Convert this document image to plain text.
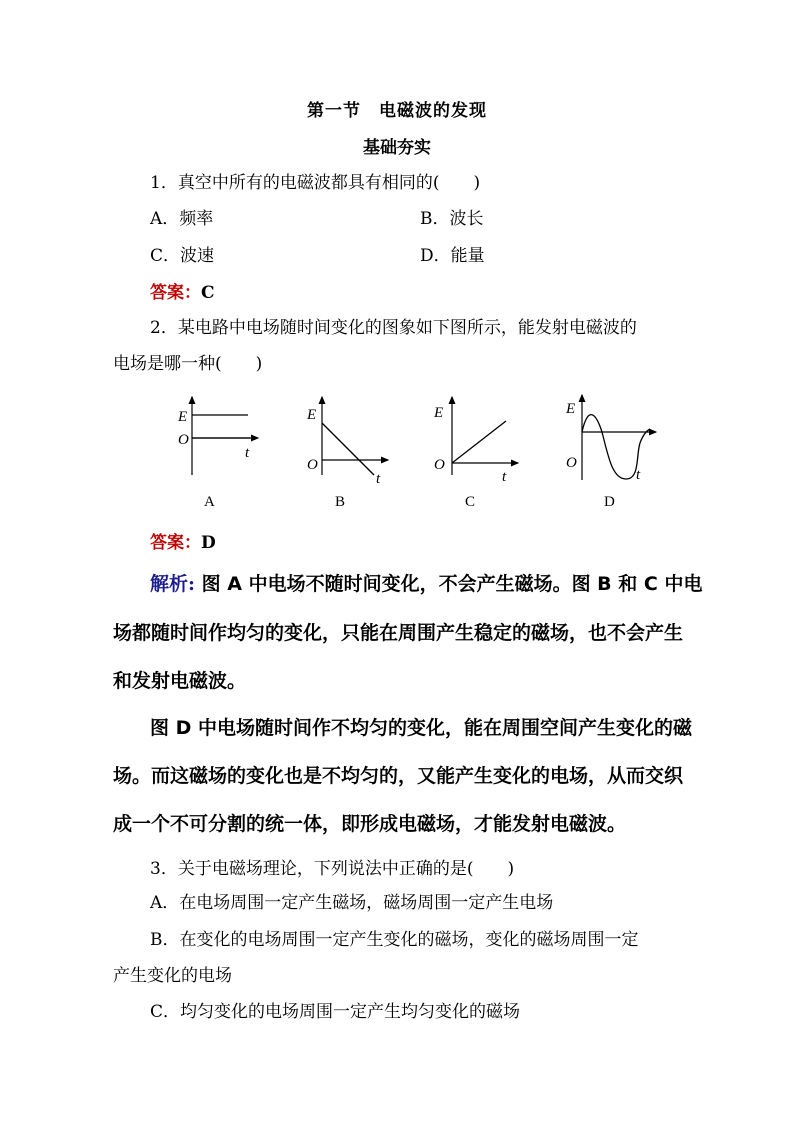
第一节　电磁波的发现
基础夯实
1．真空中所有的电磁波都具有相同的(　　)
A．频率	B．波长
C．波速	D．能量
答案：C
2．某电路中电场随时间变化的图象如下图所示，能发射电磁波的
电场是哪一种(　　)
E
O
t
A
E
O
t
B
E
O
t
C
E
O
t
D
答案：D
解析: 图 A 中电场不随时间变化，不会产生磁场。图 B 和 C 中电
场都随时间作均匀的变化，只能在周围产生稳定的磁场，也不会产生
和发射电磁波。
图 D 中电场随时间作不均匀的变化，能在周围空间产生变化的磁
场。而这磁场的变化也是不均匀的，又能产生变化的电场，从而交织
成一个不可分割的统一体，即形成电磁场，才能发射电磁波。
3．关于电磁场理论，下列说法中正确的是(　　)
A．在电场周围一定产生磁场，磁场周围一定产生电场
B．在变化的电场周围一定产生变化的磁场，变化的磁场周围一定
产生变化的电场
C．均匀变化的电场周围一定产生均匀变化的磁场
